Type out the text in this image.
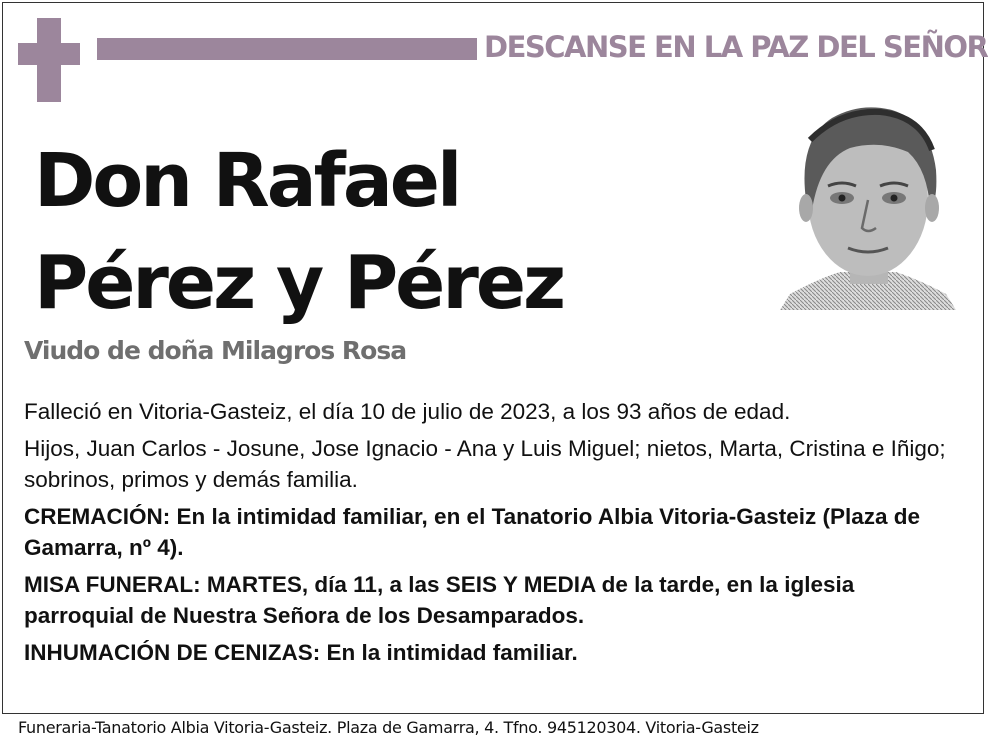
DESCANSE EN LA PAZ DEL SEÑOR
Don Rafael
Pérez y Pérez
Viudo de doña Milagros Rosa

Falleció en Vitoria-Gasteiz, el día 10 de julio de 2023, a los 93 años de edad.

Hijos, Juan Carlos - Josune, Jose Ignacio - Ana y Luis Miguel; nietos, Marta, Cristina e Iñigo; sobrinos, primos y demás familia.

CREMACIÓN: En la intimidad familiar, en el Tanatorio Albia Vitoria-Gasteiz (Plaza de Gamarra, nº 4).

MISA FUNERAL: MARTES, día 11, a las SEIS Y MEDIA de la tarde, en la iglesia parroquial de Nuestra Señora de los Desamparados.

INHUMACIÓN DE CENIZAS: En la intimidad familiar.

Funeraria-Tanatorio Albia Vitoria-Gasteiz. Plaza de Gamarra, 4. Tfno. 945120304. Vitoria-Gasteiz
